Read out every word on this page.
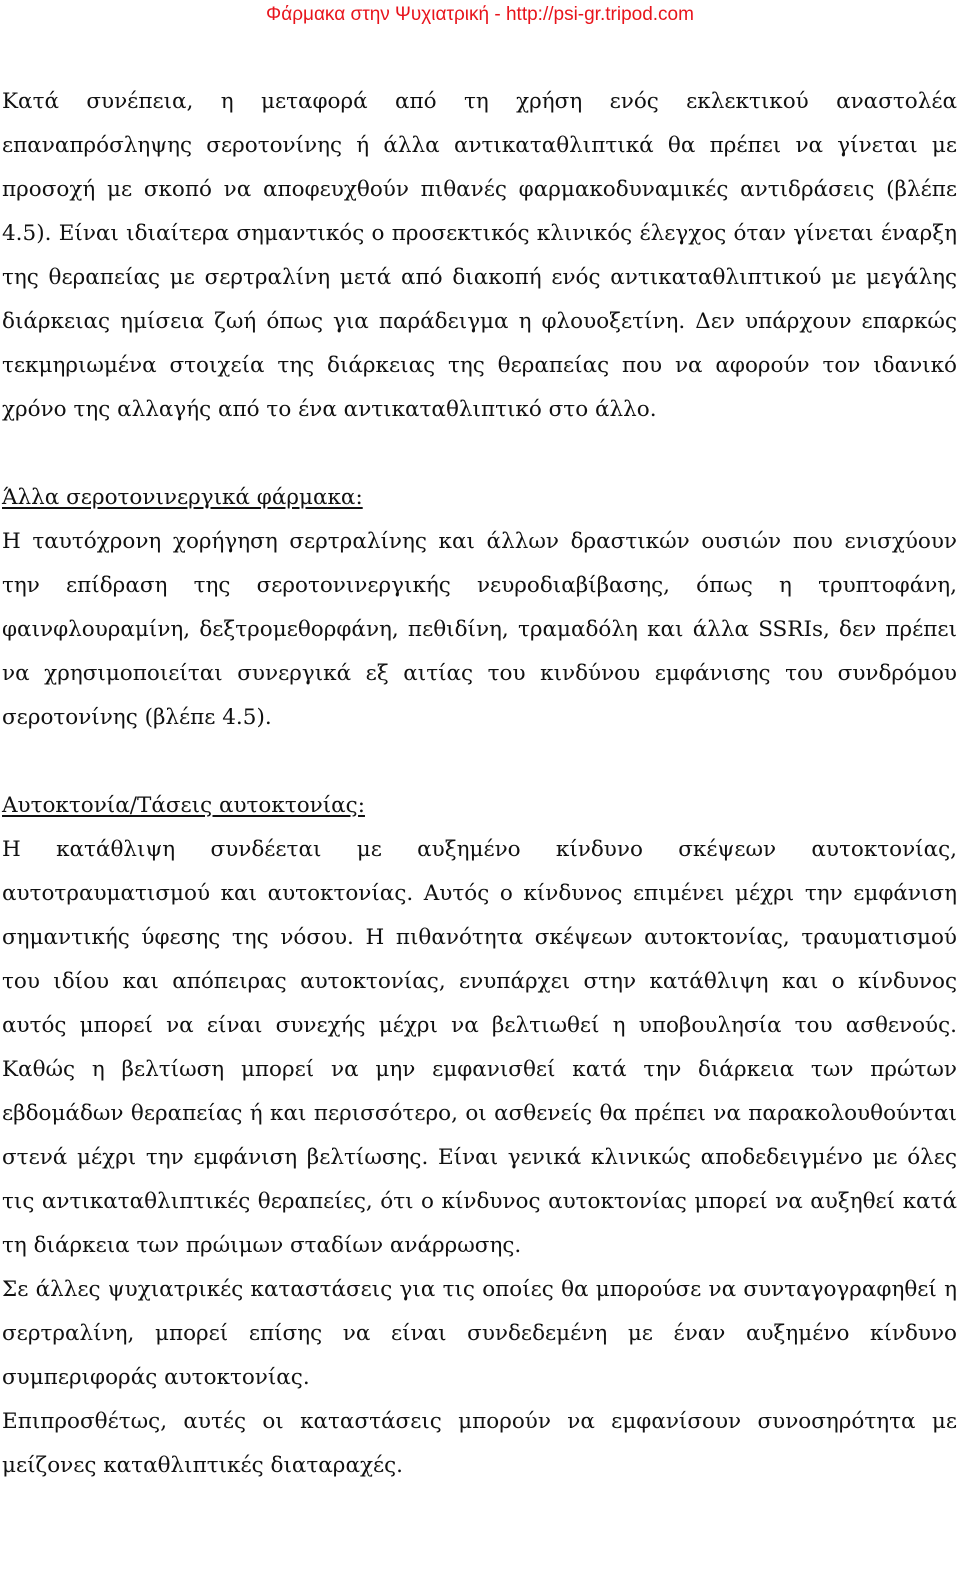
Φάρμακα στην Ψυχιατρική - http://psi-gr.tripod.com

Κατά συνέπεια, η μεταφορά από τη χρήση ενός εκλεκτικού αναστολέα επαναπρόσληψης σεροτονίνης ή άλλα αντικαταθλιπτικά θα πρέπει να γίνεται με προσοχή με σκοπό να αποφευχθούν πιθανές φαρμακοδυναμικές αντιδράσεις (βλέπε 4.5). Είναι ιδιαίτερα σημαντικός ο προσεκτικός κλινικός έλεγχος όταν γίνεται έναρξη της θεραπείας με σερτραλίνη μετά από διακοπή ενός αντικαταθλιπτικού με μεγάλης διάρκειας ημίσεια ζωή όπως για παράδειγμα η φλουοξετίνη. Δεν υπάρχουν επαρκώς τεκμηριωμένα στοιχεία της διάρκειας της θεραπείας που να αφορούν τον ιδανικό χρόνο της αλλαγής από το ένα αντικαταθλιπτικό στο άλλο.

Άλλα σεροτονινεργικά φάρμακα:

Η ταυτόχρονη χορήγηση σερτραλίνης και άλλων δραστικών ουσιών που ενισχύουν την επίδραση της σεροτονινεργικής νευροδιαβίβασης, όπως η τρυπτοφάνη, φαινφλουραμίνη, δεξτρομεθορφάνη, πεθιδίνη, τραμαδόλη και άλλα SSRIs, δεν πρέπει να χρησιμοποιείται συνεργικά εξ αιτίας του κινδύνου εμφάνισης του συνδρόμου σεροτονίνης (βλέπε 4.5).

Αυτοκτονία/Τάσεις αυτοκτονίας:

Η κατάθλιψη συνδέεται με αυξημένο κίνδυνο σκέψεων αυτοκτονίας, αυτοτραυματισμού και αυτοκτονίας. Αυτός ο κίνδυνος επιμένει μέχρι την εμφάνιση σημαντικής ύφεσης της νόσου. Η πιθανότητα σκέψεων αυτοκτονίας, τραυματισμού του ιδίου και απόπειρας αυτοκτονίας, ενυπάρχει στην κατάθλιψη και ο κίνδυνος αυτός μπορεί να είναι συνεχής μέχρι να βελτιωθεί η υποβουλησία του ασθενούς. Καθώς η βελτίωση μπορεί να μην εμφανισθεί κατά την διάρκεια των πρώτων εβδομάδων θεραπείας ή και περισσότερο, οι ασθενείς θα πρέπει να παρακολουθούνται στενά μέχρι την εμφάνιση βελτίωσης. Είναι γενικά κλινικώς αποδεδειγμένο με όλες τις αντικαταθλιπτικές θεραπείες, ότι ο κίνδυνος αυτοκτονίας μπορεί να αυξηθεί κατά τη διάρκεια των πρώιμων σταδίων ανάρρωσης.

Σε άλλες ψυχιατρικές καταστάσεις για τις οποίες θα μπορούσε να συνταγογραφηθεί η σερτραλίνη, μπορεί επίσης να είναι συνδεδεμένη με έναν αυξημένο κίνδυνο συμπεριφοράς αυτοκτονίας.

Επιπροσθέτως, αυτές οι καταστάσεις μπορούν να εμφανίσουν συνοσηρότητα με μείζονες καταθλιπτικές διαταραχές.
